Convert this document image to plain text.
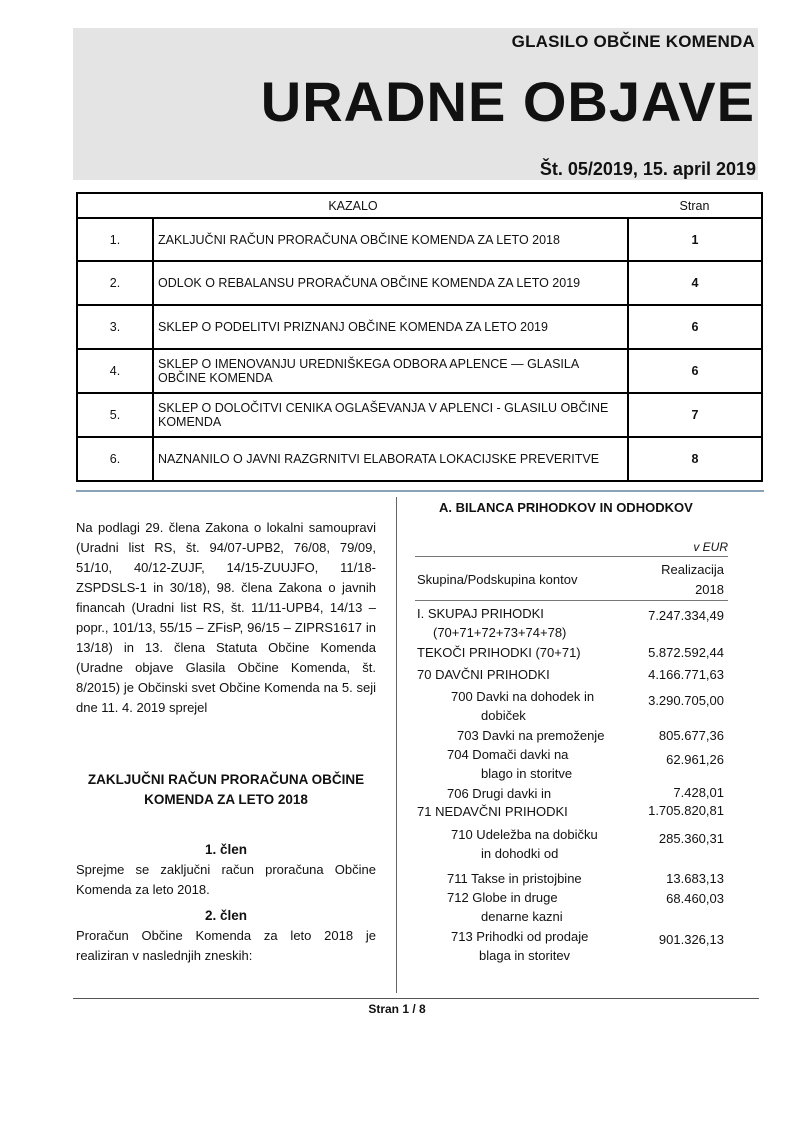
GLASILO OBČINE KOMENDA
URADNE OBJAVE
Št. 05/2019, 15. april 2019
KAZALO		Stran
1.	ZAKLJUČNI RAČUN PRORAČUNA OBČINE KOMENDA ZA LETO 2018	1
2.	ODLOK O REBALANSU PRORAČUNA OBČINE KOMENDA ZA LETO 2019	4
3.	SKLEP O PODELITVI PRIZNANJ OBČINE KOMENDA ZA LETO 2019	6
4.	SKLEP O IMENOVANJU UREDNIŠKEGA ODBORA APLENCE — GLASILA OBČINE KOMENDA	6
5.	SKLEP O DOLOČITVI CENIKA OGLAŠEVANJA V APLENCI - GLASILU OBČINE KOMENDA	7
6.	NAZNANILO O JAVNI RAZGRNITVI ELABORATA LOKACIJSKE PREVERITVE	8

Na podlagi 29. člena Zakona o lokalni samoupravi (Uradni list RS, št. 94/07-UPB2, 76/08, 79/09, 51/10, 40/12-ZUJF, 14/15-ZUUJFO, 11/18-ZSPDSLS-1 in 30/18), 98. člena Zakona o javnih financah (Uradni list RS, št. 11/11-UPB4, 14/13 – popr., 101/13, 55/15 – ZFisP, 96/15 – ZIPRS1617 in 13/18) in 13. člena Statuta Občine Komenda (Uradne objave Glasila Občine Komenda, št. 8/2015) je Občinski svet Občine Komenda na 5. seji dne 11. 4. 2019 sprejel

ZAKLJUČNI RAČUN PRORAČUNA OBČINE
KOMENDA ZA LETO 2018
1. člen

Sprejme se zaključni račun proračuna Občine Komenda za leto 2018.

2. člen

Proračun Občine Komenda za leto 2018 je realiziran v naslednjih zneskih:

A. BILANCA PRIHODKOV IN ODHODKOV
v EUR
Skupina/Podskupina kontov
Realizacija
2018
I. SKUPAJ PRIHODKI
(70+71+72+73+74+78)
7.247.334,49
TEKOČI PRIHODKI (70+71)	5.872.592,44
70 DAVČNI PRIHODKI	4.166.771,63
700 Davki na dohodek in
dobiček
3.290.705,00
703 Davki na premoženje	805.677,36
704 Domači davki na
blago in storitve
62.961,26
706 Drugi davki in	7.428,01
71 NEDAVČNI PRIHODKI	1.705.820,81
710 Udeležba na dobičku
in dohodki od
285.360,31
711 Takse in pristojbine	13.683,13
712 Globe in druge
denarne kazni
68.460,03
713 Prihodki od prodaje
blaga in storitev
901.326,13
Stran 1 / 8
